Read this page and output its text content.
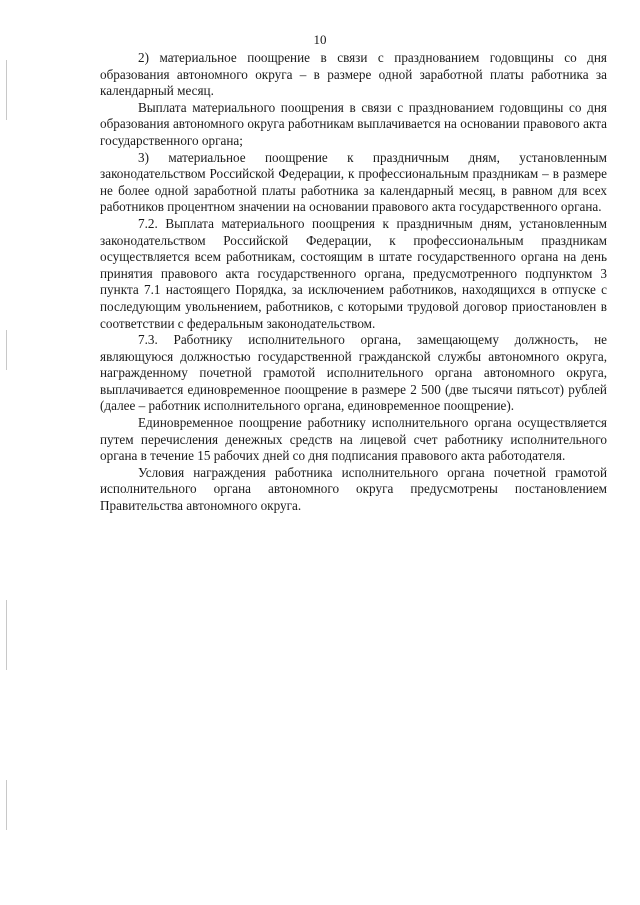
10

2) материальное поощрение в связи с празднованием годовщины со дня образования автономного округа – в размере одной заработной платы работника за календарный месяц.

Выплата материального поощрения в связи с празднованием годовщины со дня образования автономного округа работникам выплачивается на основании правового акта государственного органа;

3) материальное поощрение к праздничным дням, установленным законодательством Российской Федерации, к профессиональным праздникам – в размере не более одной заработной платы работника за календарный месяц, в равном для всех работников процентном значении на основании правового акта государственного органа.

7.2. Выплата материального поощрения к праздничным дням, установленным законодательством Российской Федерации, к профессиональным праздникам осуществляется всем работникам, состоящим в штате государственного органа на день принятия правового акта государственного органа, предусмотренного подпунктом 3 пункта 7.1 настоящего Порядка, за исключением работников, находящихся в отпуске с последующим увольнением, работников, с которыми трудовой договор приостановлен в соответствии с федеральным законодательством.

7.3. Работнику исполнительного органа, замещающему должность, не являющуюся должностью государственной гражданской службы автономного округа, награжденному почетной грамотой исполнительного органа автономного округа, выплачивается единовременное поощрение в размере 2 500 (две тысячи пятьсот) рублей (далее – работник исполнительного органа, единовременное поощрение).

Единовременное поощрение работнику исполнительного органа осуществляется путем перечисления денежных средств на лицевой счет работнику исполнительного органа в течение 15 рабочих дней со дня подписания правового акта работодателя.

Условия награждения работника исполнительного органа почетной грамотой исполнительного органа автономного округа предусмотрены постановлением Правительства автономного округа.
